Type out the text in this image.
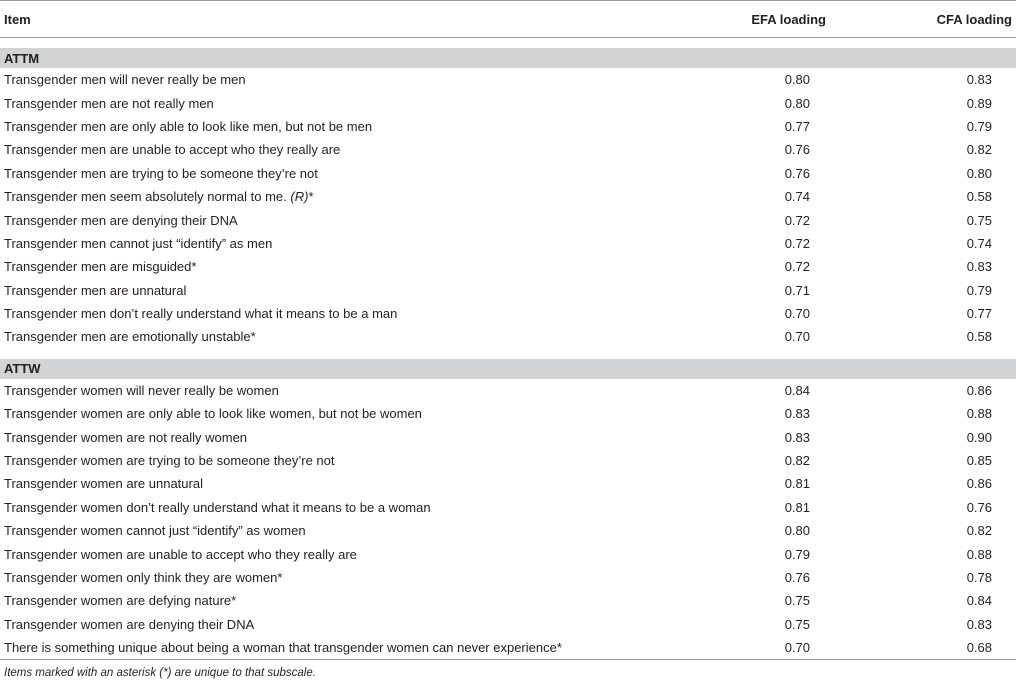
Item	EFA loading	CFA loading

ATTM		
Transgender men will never really be men	0.80	0.83
Transgender men are not really men	0.80	0.89
Transgender men are only able to look like men, but not be men	0.77	0.79
Transgender men are unable to accept who they really are	0.76	0.82
Transgender men are trying to be someone they’re not	0.76	0.80
Transgender men seem absolutely normal to me. (R)*	0.74	0.58
Transgender men are denying their DNA	0.72	0.75
Transgender men cannot just “identify” as men	0.72	0.74
Transgender men are misguided*	0.72	0.83
Transgender men are unnatural	0.71	0.79
Transgender men don’t really understand what it means to be a man	0.70	0.77
Transgender men are emotionally unstable*	0.70	0.58

ATTW		
Transgender women will never really be women	0.84	0.86
Transgender women are only able to look like women, but not be women	0.83	0.88
Transgender women are not really women	0.83	0.90
Transgender women are trying to be someone they’re not	0.82	0.85
Transgender women are unnatural	0.81	0.86
Transgender women don’t really understand what it means to be a woman	0.81	0.76
Transgender women cannot just “identify” as women	0.80	0.82
Transgender women are unable to accept who they really are	0.79	0.88
Transgender women only think they are women*	0.76	0.78
Transgender women are defying nature*	0.75	0.84
Transgender women are denying their DNA	0.75	0.83
There is something unique about being a woman that transgender women can never experience*	0.70	0.68
Items marked with an asterisk (*) are unique to that subscale.
